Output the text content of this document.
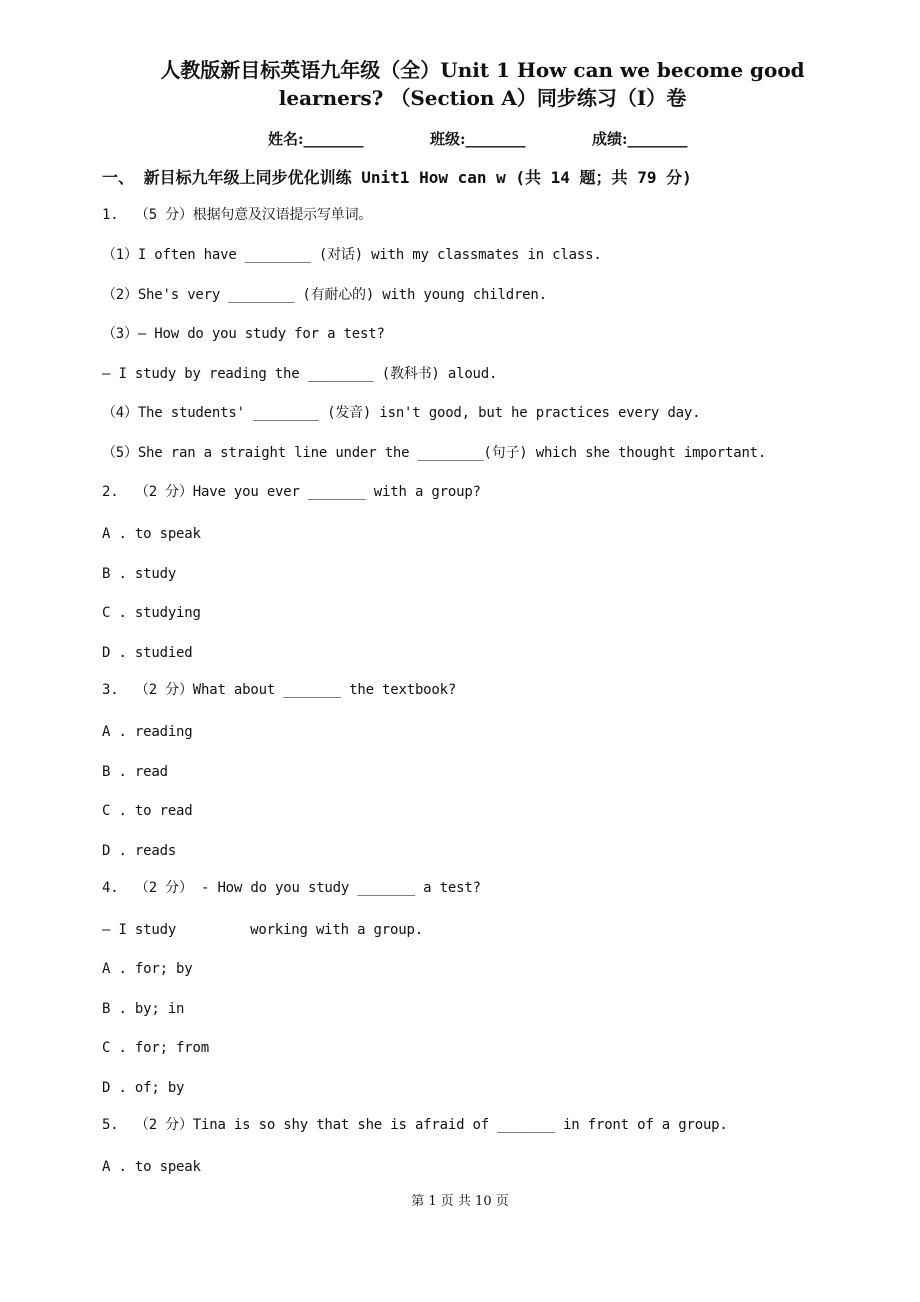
人教版新目标英语九年级（全）Unit 1 How can we become good
learners? （Section A）同步练习（I）卷
姓名:________	班级:________	成绩:________
一、 新目标九年级上同步优化训练 Unit1 How can w (共 14 题；共 79 分)
1.  （5 分）根据句意及汉语提示写单词。
（1）I often have ________ (对话) with my classmates in class.
（2）She's very ________ (有耐心的) with young children.
（3）— How do you study for a test?
— I study by reading the ________ (教科书) aloud.
（4）The students' ________ (发音) isn't good, but he practices every day.
（5）She ran a straight line under the ________(句子) which she thought important.
2.  （2 分）Have you ever _______ with a group?
A . to speak
B . study
C . studying
D . studied
3.  （2 分）What about _______ the textbook?
A . reading
B . read
C . to read
D . reads
4.  （2 分） - How do you study _______ a test?
— I study         working with a group.
A . for; by
B . by; in
C . for; from
D . of; by
5.  （2 分）Tina is so shy that she is afraid of _______ in front of a group.
A . to speak
第 1 页 共 10 页
